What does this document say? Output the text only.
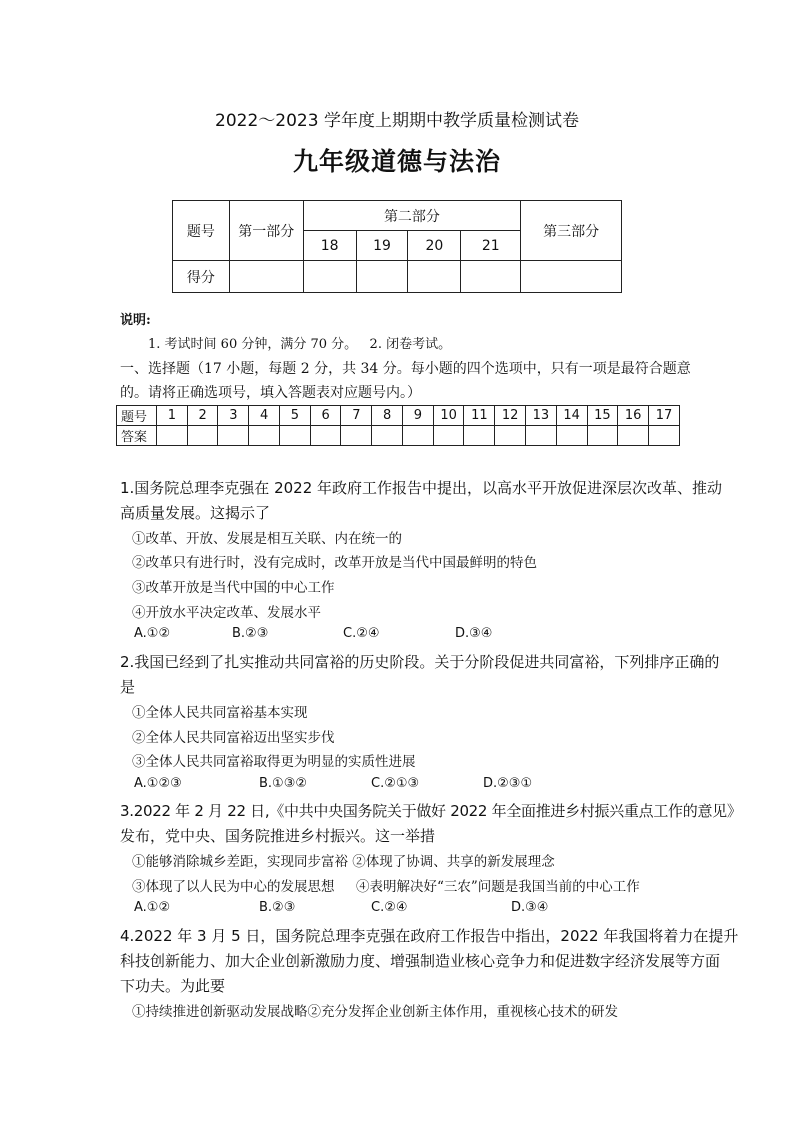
2022～2023 学年度上期期中教学质量检测试卷
九年级道德与法治
题号	第一部分	第二部分				第三部分
		18	19	20	21	
得分						
说明:
1. 考试时间 60 分钟，满分 70 分。   2. 闭卷考试。
一、选择题（17 小题，每题 2 分，共 34 分。每小题的四个选项中，只有一项是最符合题意
的。请将正确选项号，填入答题表对应题号内。）
题号	1	2	3	4	5	6	7	8	9	10	11	12	13	14	15	16	17
答案																	
1.国务院总理李克强在 2022 年政府工作报告中提出，以高水平开放促进深层次改革、推动
高质量发展。这揭示了
①改革、开放、发展是相互关联、内在统一的
②改革只有进行时，没有完成时，改革开放是当代中国最鲜明的特色
③改革开放是当代中国的中心工作
④开放水平决定改革、发展水平
A.①②	B.②③	C.②④	D.③④
2.我国已经到了扎实推动共同富裕的历史阶段。关于分阶段促进共同富裕，下列排序正确的
是
①全体人民共同富裕基本实现
②全体人民共同富裕迈出坚实步伐
③全体人民共同富裕取得更为明显的实质性进展
A.①②③	B.①③②	C.②①③	D.②③①
3.2022 年 2 月 22 日,《中共中央国务院关于做好 2022 年全面推进乡村振兴重点工作的意见》
发布，党中央、国务院推进乡村振兴。这一举措
①能够消除城乡差距，实现同步富裕 ②体现了协调、共享的新发展理念
③体现了以人民为中心的发展思想     ④表明解决好“三农”问题是我国当前的中心工作
A.①②	B.②③	C.②④	D.③④
4.2022 年 3 月 5 日，国务院总理李克强在政府工作报告中指出，2022 年我国将着力在提升
科技创新能力、加大企业创新激励力度、增强制造业核心竞争力和促进数字经济发展等方面
下功夫。为此要
①持续推进创新驱动发展战略②充分发挥企业创新主体作用，重视核心技术的研发
